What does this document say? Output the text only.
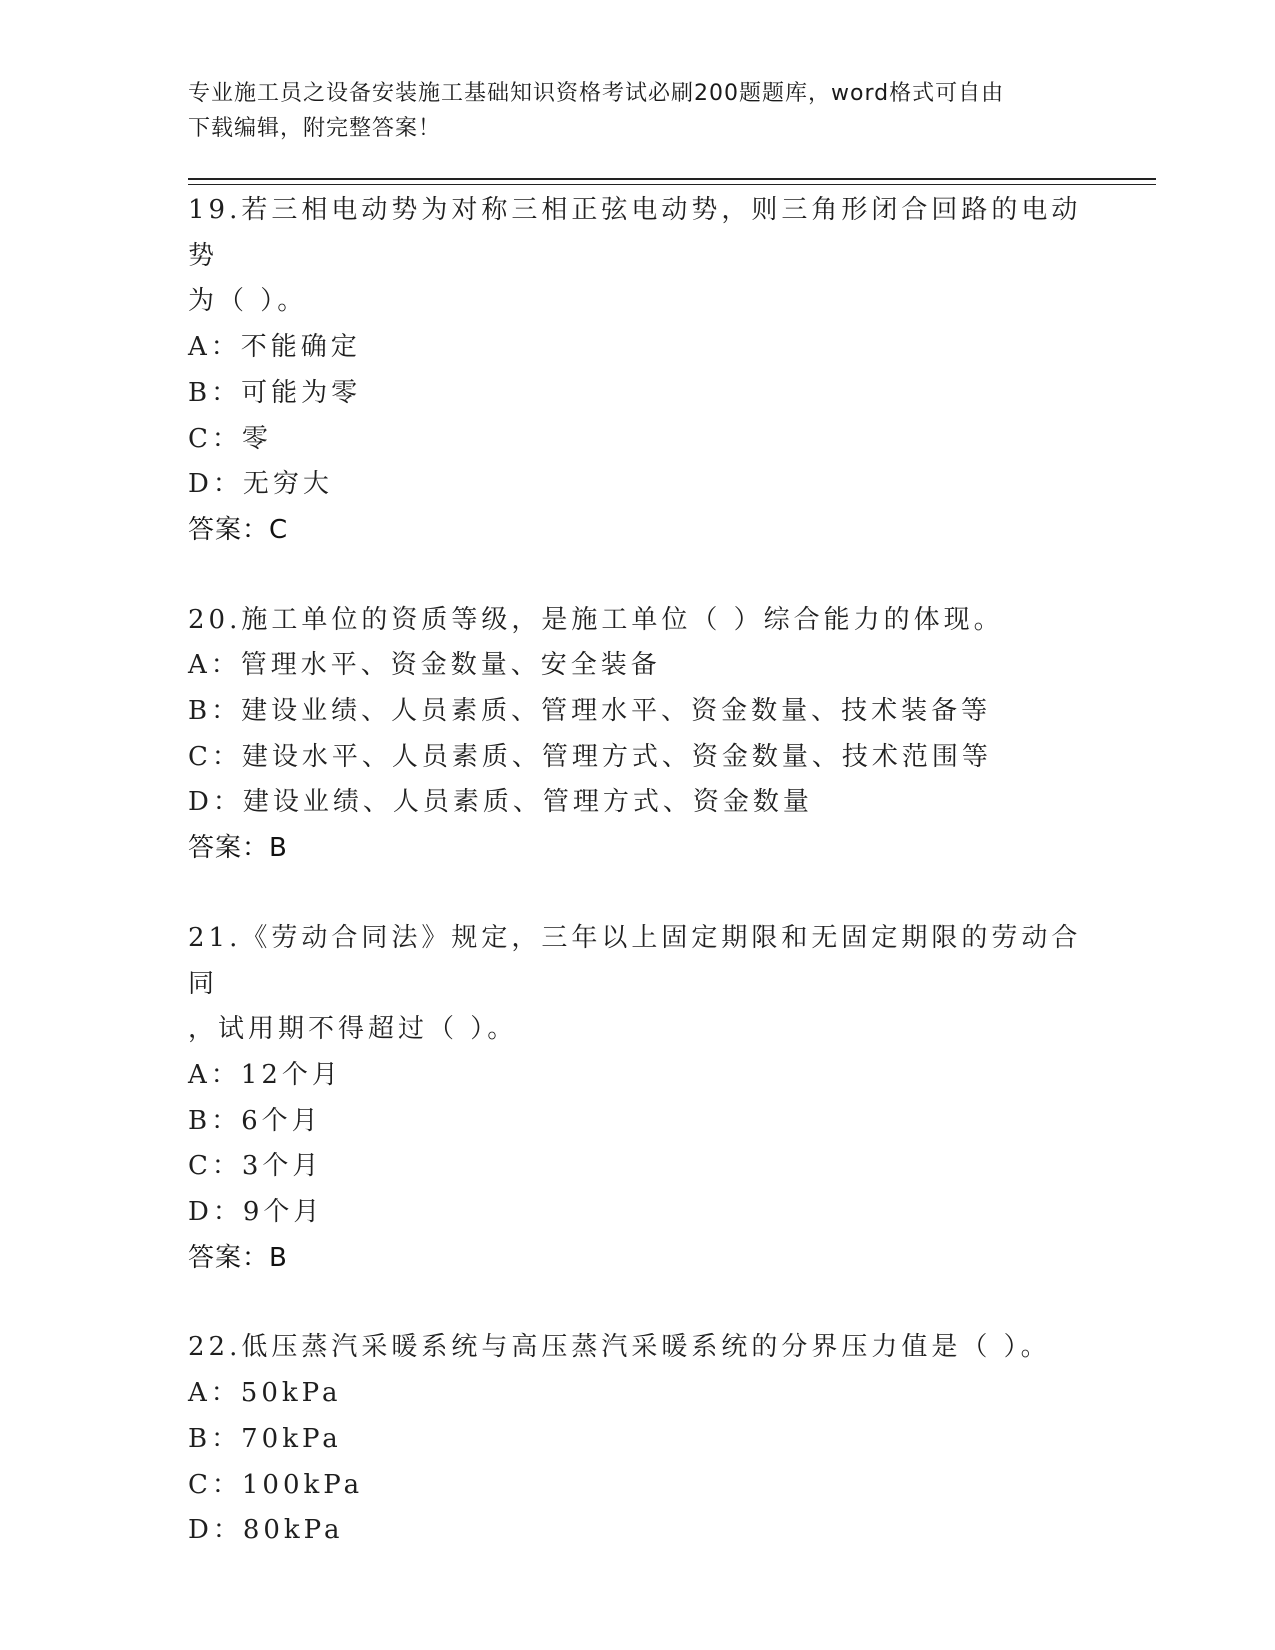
专业施工员之设备安装施工基础知识资格考试必刷200题题库，word格式可自由
下载编辑，附完整答案！
19.若三相电动势为对称三相正弦电动势，则三角形闭合回路的电动势
为（ ）。
A：不能确定
B：可能为零
C：零
D：无穷大
答案：C
20.施工单位的资质等级，是施工单位（ ）综合能力的体现。
A：管理水平、资金数量、安全装备
B：建设业绩、人员素质、管理水平、资金数量、技术装备等
C：建设水平、人员素质、管理方式、资金数量、技术范围等
D：建设业绩、人员素质、管理方式、资金数量
答案：B
21.《劳动合同法》规定，三年以上固定期限和无固定期限的劳动合同
，试用期不得超过（ ）。
A：12个月
B：6个月
C：3个月
D：9个月
答案：B
22.低压蒸汽采暖系统与高压蒸汽采暖系统的分界压力值是（ ）。
A：50kPa
B：70kPa
C：100kPa
D：80kPa
